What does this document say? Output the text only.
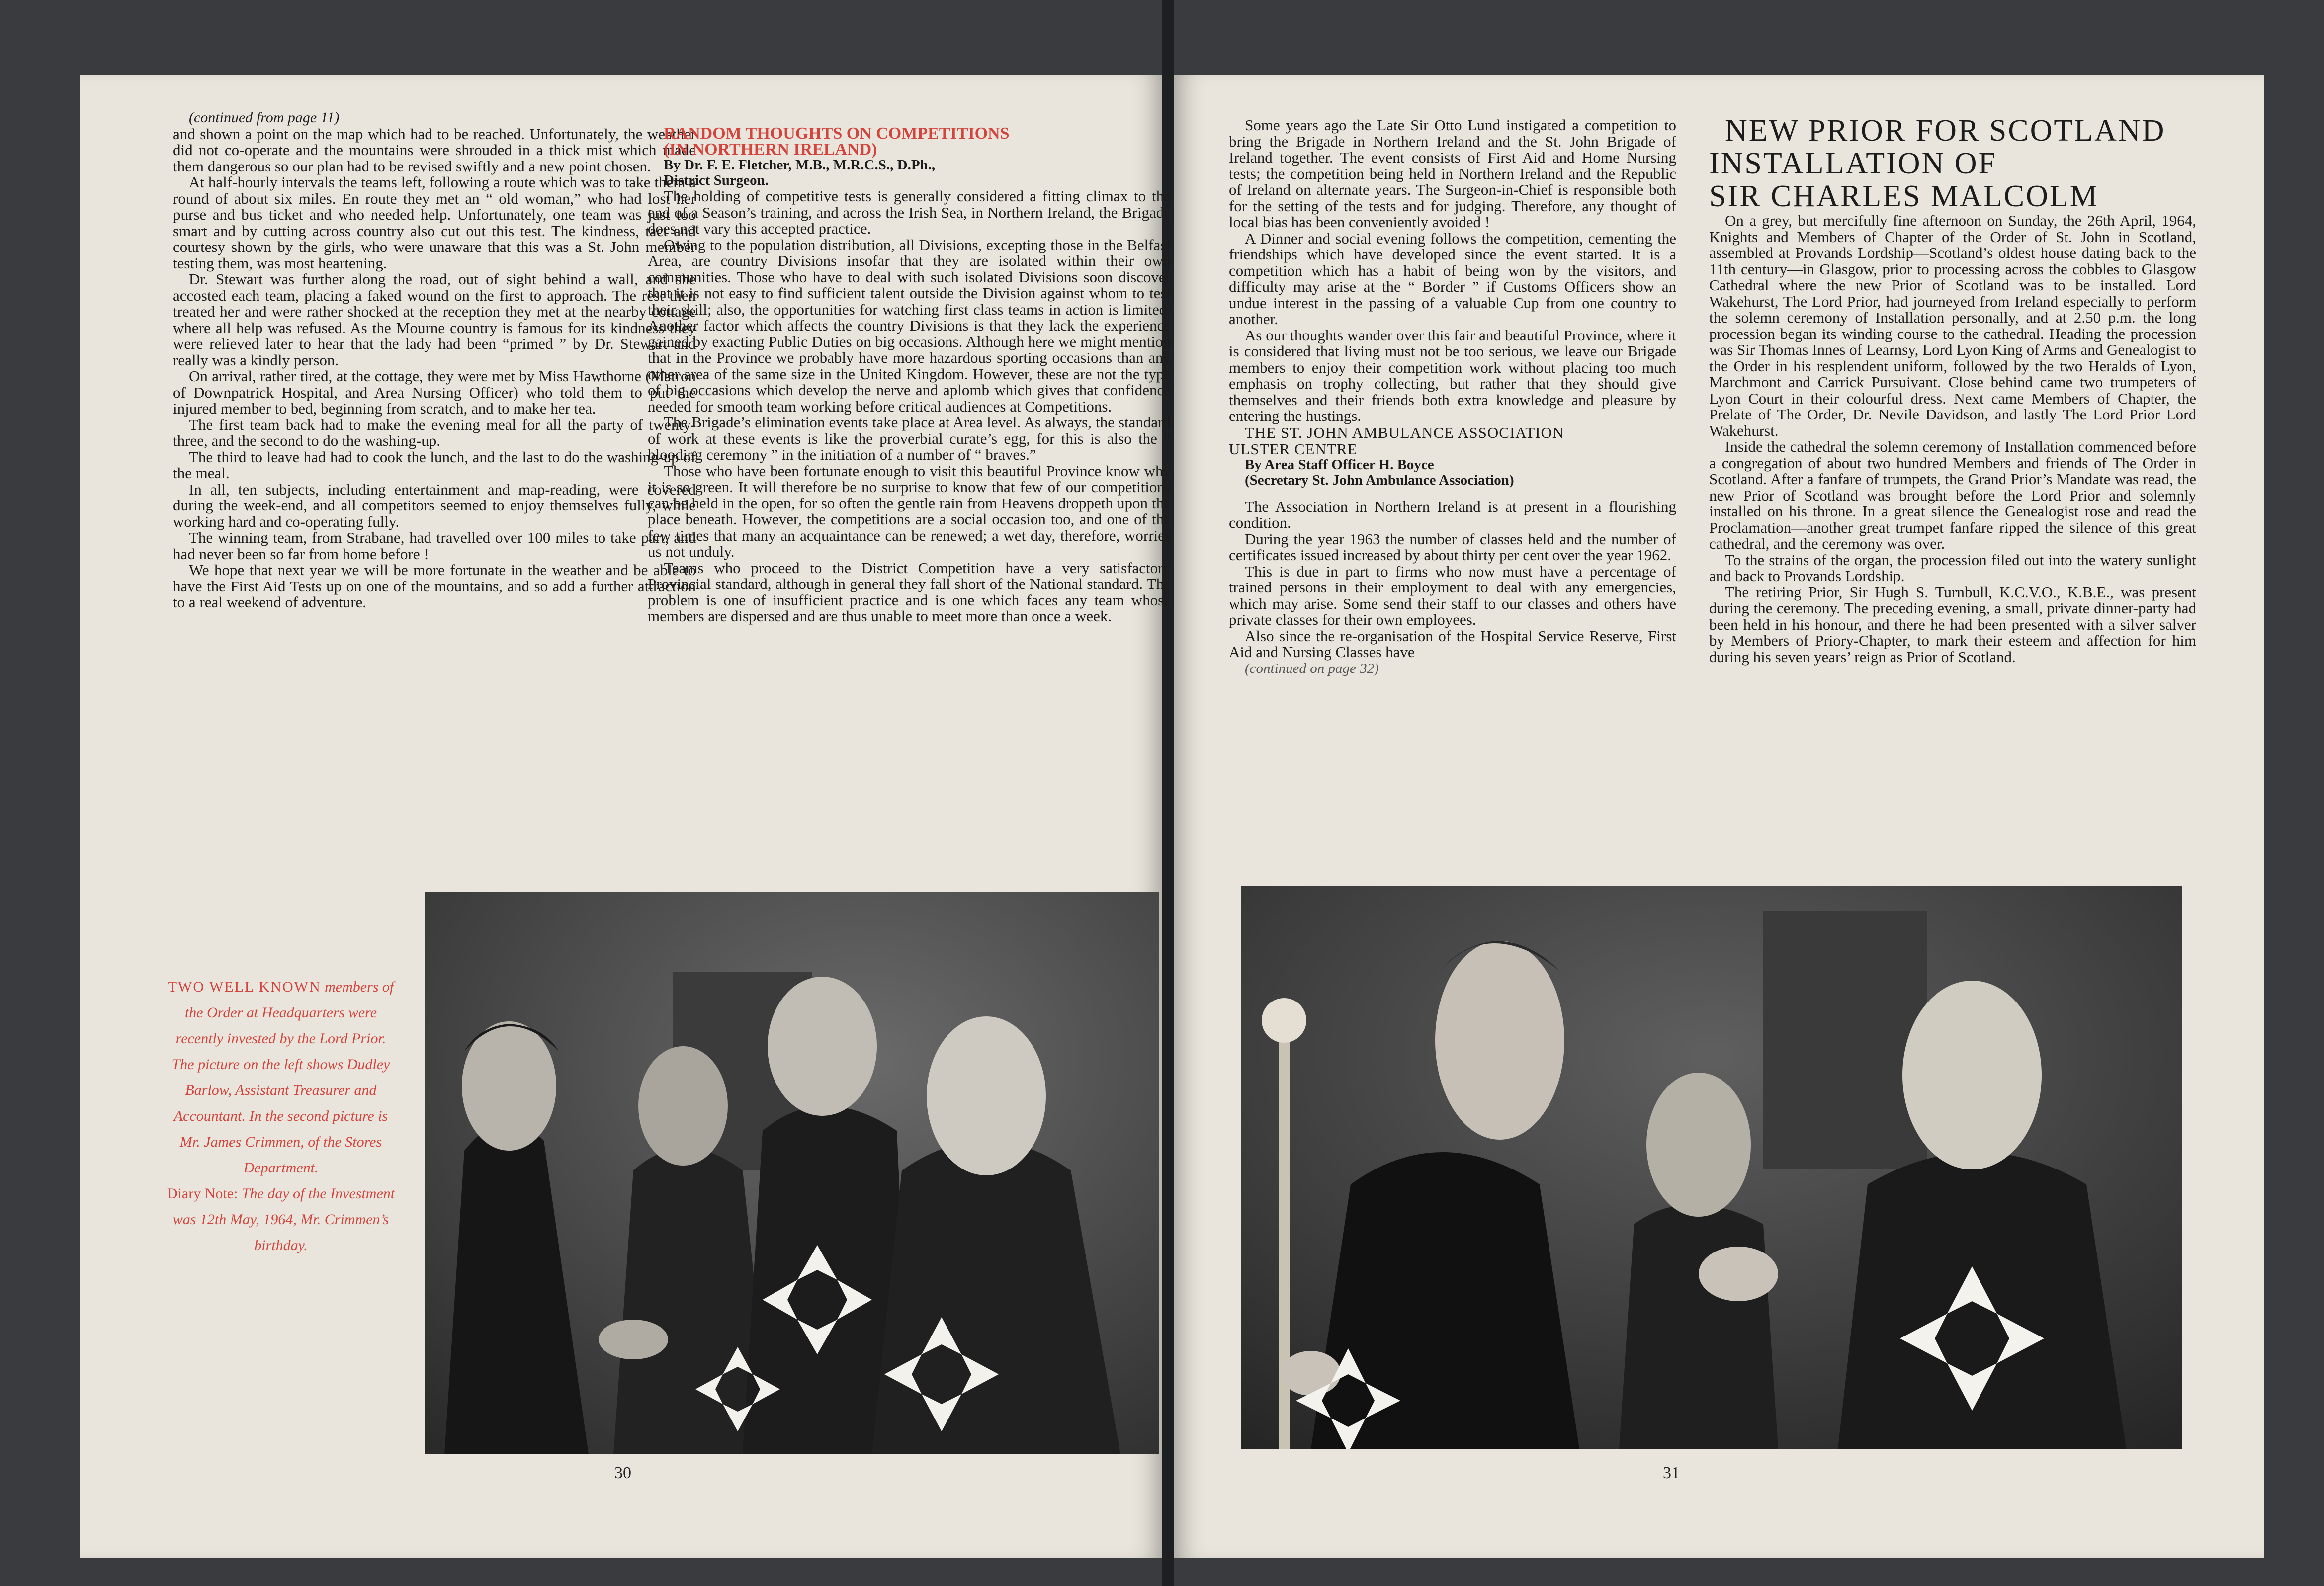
(continued from page 11)

and shown a point on the map which had to be reached. Unfortunately, the weather did not co-operate and the mountains were shrouded in a thick mist which made them dangerous so our plan had to be revised swiftly and a new point chosen.

At half-hourly intervals the teams left, following a route which was to take them a round of about six miles. En route they met an “ old woman,” who had lost her purse and bus ticket and who needed help. Unfortunately, one team was just too smart and by cutting across country also cut out this test. The kindness, tact and courtesy shown by the girls, who were unaware that this was a St. John member testing them, was most heartening.

Dr. Stewart was further along the road, out of sight behind a wall, and she accosted each team, placing a faked wound on the first to approach. The rest then treated her and were rather shocked at the reception they met at the nearby cottage where all help was refused. As the Mourne country is famous for its kindness they were relieved later to hear that the lady had been “primed ” by Dr. Stewart and really was a kindly person.

On arrival, rather tired, at the cottage, they were met by Miss Hawthorne (Matron of Downpatrick Hospital, and Area Nursing Officer) who told them to put the injured member to bed, beginning from scratch, and to make her tea.

The first team back had to make the evening meal for all the party of twenty-three, and the second to do the washing-up.

The third to leave had had to cook the lunch, and the last to do the washing-up of the meal.

In all, ten subjects, including entertainment and map-reading, were covered during the week-end, and all competitors seemed to enjoy themselves fully, while working hard and co-operating fully.

The winning team, from Strabane, had travelled over 100 miles to take part, and had never been so far from home before !

We hope that next year we will be more fortunate in the weather and be able to have the First Aid Tests up on one of the mountains, and so add a further attraction to a real weekend of adventure.

RANDOM THOUGHTS ON COMPETITIONS

(IN NORTHERN IRELAND)

By Dr. F. E. Fletcher, M.B., M.R.C.S., D.Ph.,

District Surgeon.

The holding of competitive tests is generally considered a fitting climax to the end of a Season’s training, and across the Irish Sea, in Northern Ireland, the Brigade does not vary this accepted practice.

Owing to the population distribution, all Divisions, excepting those in the Belfast Area, are country Divisions insofar that they are isolated within their own communities. Those who have to deal with such isolated Divisions soon discover that it is not easy to find sufficient talent outside the Division against whom to test their skill; also, the opportunities for watching first class teams in action is limited. Another factor which affects the country Divisions is that they lack the experience gained by exacting Public Duties on big occasions. Although here we might mention that in the Province we probably have more hazardous sporting occasions than any other area of the same size in the United Kingdom. However, these are not the type of big occasions which develop the nerve and aplomb which gives that confidence needed for smooth team working before critical audiences at Competitions.

The Brigade’s elimination events take place at Area level. As always, the standard of work at these events is like the proverbial curate’s egg, for this is also the “ blooding ceremony ” in the initiation of a number of “ braves.”

Those who have been fortunate enough to visit this beautiful Province know why it is so green. It will therefore be no surprise to know that few of our competitions can be held in the open, for so often the gentle rain from Heavens droppeth upon the place beneath. However, the competitions are a social occasion too, and one of the few times that many an acquaintance can be renewed; a wet day, therefore, worries us not unduly.

Teams who proceed to the District Competition have a very satisfactory Provincial standard, although in general they fall short of the National standard. The problem is one of insufficient practice and is one which faces any team whose members are dispersed and are thus unable to meet more than once a week.

TWO WELL KNOWN members of the Order at Headquarters were recently invested by the Lord Prior. The picture on the left shows Dudley Barlow, Assistant Treasurer and Accountant. In the second picture is Mr. James Crimmen, of the Stores Department.
Diary Note: The day of the Investment was 12th May, 1964, Mr. Crimmen’s birthday.
30

Some years ago the Late Sir Otto Lund instigated a competition to bring the Brigade in Northern Ireland and the St. John Brigade of Ireland together. The event consists of First Aid and Home Nursing tests; the competition being held in Northern Ireland and the Republic of Ireland on alternate years. The Surgeon-in-Chief is responsible both for the setting of the tests and for judging. Therefore, any thought of local bias has been conveniently avoided !

A Dinner and social evening follows the competition, cementing the friendships which have developed since the event started. It is a competition which has a habit of being won by the visitors, and difficulty may arise at the “ Border ” if Customs Officers show an undue interest in the passing of a valuable Cup from one country to another.

As our thoughts wander over this fair and beautiful Province, where it is considered that living must not be too serious, we leave our Brigade members to enjoy their competition work without placing too much emphasis on trophy collecting, but rather that they should give themselves and their friends both extra knowledge and pleasure by entering the hustings.

THE ST. JOHN AMBULANCE ASSOCIATION
ULSTER CENTRE

By Area Staff Officer H. Boyce

(Secretary St. John Ambulance Association)

The Association in Northern Ireland is at present in a flourishing condition.

During the year 1963 the number of classes held and the number of certificates issued increased by about thirty per cent over the year 1962.

This is due in part to firms who now must have a percentage of trained persons in their employment to deal with any emergencies, which may arise. Some send their staff to our classes and others have private classes for their own employees.

Also since the re-organisation of the Hospital Service Reserve, First Aid and Nursing Classes have

(continued on page 32)

NEW PRIOR FOR SCOTLAND
INSTALLATION OF
SIR CHARLES MALCOLM

On a grey, but mercifully fine afternoon on Sunday, the 26th April, 1964, Knights and Members of Chapter of the Order of St. John in Scotland, assembled at Provands Lordship—Scotland’s oldest house dating back to the 11th century—in Glasgow, prior to processing across the cobbles to Glasgow Cathedral where the new Prior of Scotland was to be installed. Lord Wakehurst, The Lord Prior, had journeyed from Ireland especially to perform the solemn ceremony of Installation personally, and at 2.50 p.m. the long procession began its winding course to the cathedral. Heading the procession was Sir Thomas Innes of Learnsy, Lord Lyon King of Arms and Genealogist to the Order in his resplendent uniform, followed by the two Heralds of Lyon, Marchmont and Carrick Pursuivant. Close behind came two trumpeters of Lyon Court in their colourful dress. Next came Members of Chapter, the Prelate of The Order, Dr. Nevile Davidson, and lastly The Lord Prior Lord Wakehurst.

Inside the cathedral the solemn ceremony of Installation commenced before a congregation of about two hundred Members and friends of The Order in Scotland. After a fanfare of trumpets, the Grand Prior’s Mandate was read, the new Prior of Scotland was brought before the Lord Prior and solemnly installed on his throne. In a great silence the Genealogist rose and read the Proclamation—another great trumpet fanfare ripped the silence of this great cathedral, and the ceremony was over.

To the strains of the organ, the procession filed out into the watery sunlight and back to Provands Lordship.

The retiring Prior, Sir Hugh S. Turnbull, K.C.V.O., K.B.E., was present during the ceremony. The preceding evening, a small, private dinner-party had been held in his honour, and there he had been presented with a silver salver by Members of Priory-Chapter, to mark their esteem and affection for him during his seven years’ reign as Prior of Scotland.

31
